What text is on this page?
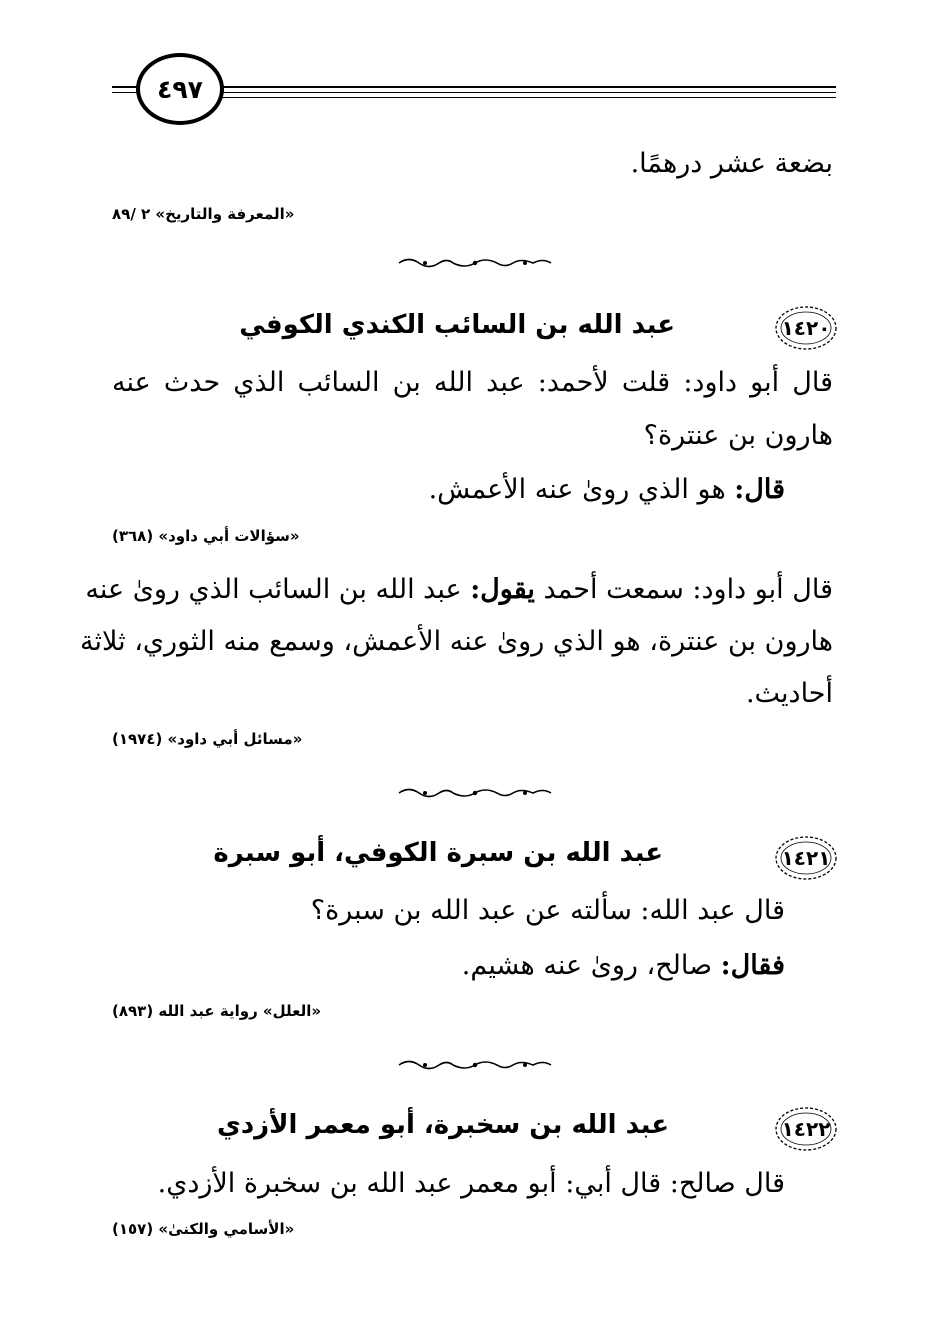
٤٩٧
بضعة عشر درهمًا.
«المعرفة والتاريخ» ٢ /٨٩
١٤٢٠
عبد الله بن السائب الكندي الكوفي
قال أبو داود: قلت لأحمد: عبد الله بن السائب الذي حدث عنه
هارون بن عنترة؟
قال: هو الذي روىٰ عنه الأعمش.
«سؤالات أبي داود» (٣٦٨)
قال أبو داود: سمعت أحمد يقول: عبد الله بن السائب الذي روىٰ عنه
هارون بن عنترة، هو الذي روىٰ عنه الأعمش، وسمع منه الثوري، ثلاثة
أحاديث.
«مسائل أبي داود» (١٩٧٤)
١٤٢١
عبد الله بن سبرة الكوفي، أبو سبرة
قال عبد الله: سألته عن عبد الله بن سبرة؟
فقال: صالح، روىٰ عنه هشيم.
«العلل» رواية عبد الله (٨٩٣)
١٤٢٢
عبد الله بن سخبرة، أبو معمر الأزدي
قال صالح: قال أبي: أبو معمر عبد الله بن سخبرة الأزدي.
«الأسامي والكنىٰ» (١٥٧)
